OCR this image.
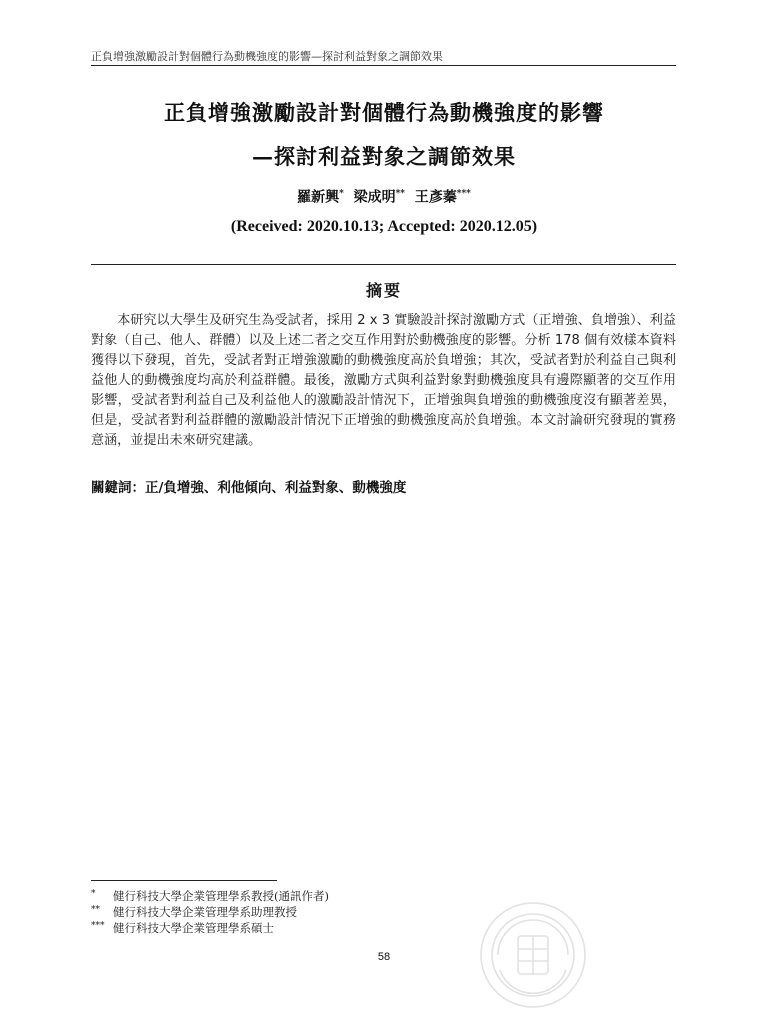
正負增強激勵設計對個體行為動機強度的影響—探討利益對象之調節效果
正負增強激勵設計對個體行為動機強度的影響
—探討利益對象之調節效果
羅新興* 梁成明** 王彥蓁***
(Received: 2020.10.13; Accepted: 2020.12.05)
摘要
本研究以大學生及研究生為受試者，採用 2 x 3 實驗設計探討激勵方式（正增強、負增強）、利益對象（自己、他人、群體）以及上述二者之交互作用對於動機強度的影響。分析 178 個有效樣本資料獲得以下發現，首先，受試者對正增強激勵的動機強度高於負增強；其次，受試者對於利益自己與利益他人的動機強度均高於利益群體。最後，激勵方式與利益對象對動機強度具有邊際顯著的交互作用影響，受試者對利益自己及利益他人的激勵設計情況下，正增強與負增強的動機強度沒有顯著差異，但是，受試者對利益群體的激勵設計情況下正增強的動機強度高於負增強。本文討論研究發現的實務意涵，並提出未來研究建議。
關鍵詞：正/負增強、利他傾向、利益對象、動機強度
*	健行科技大學企業管理學系教授(通訊作者)
**	健行科技大學企業管理學系助理教授
*** 健行科技大學企業管理學系碩士
58
